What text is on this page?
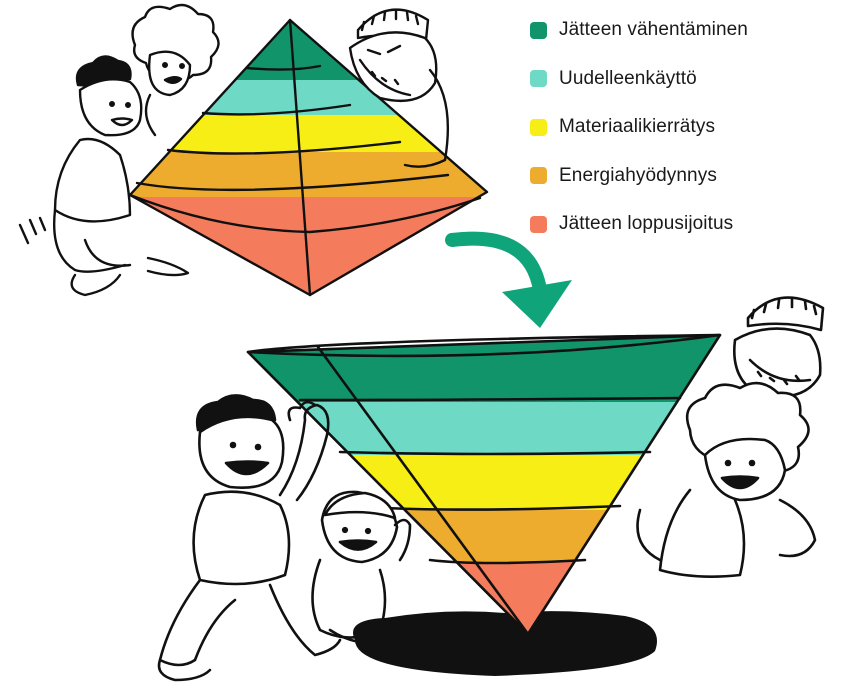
Jätteen vähentäminen
Uudelleenkäyttö
Materiaalikierrätys
Energiahyödynnys
Jätteen loppusijoitus
